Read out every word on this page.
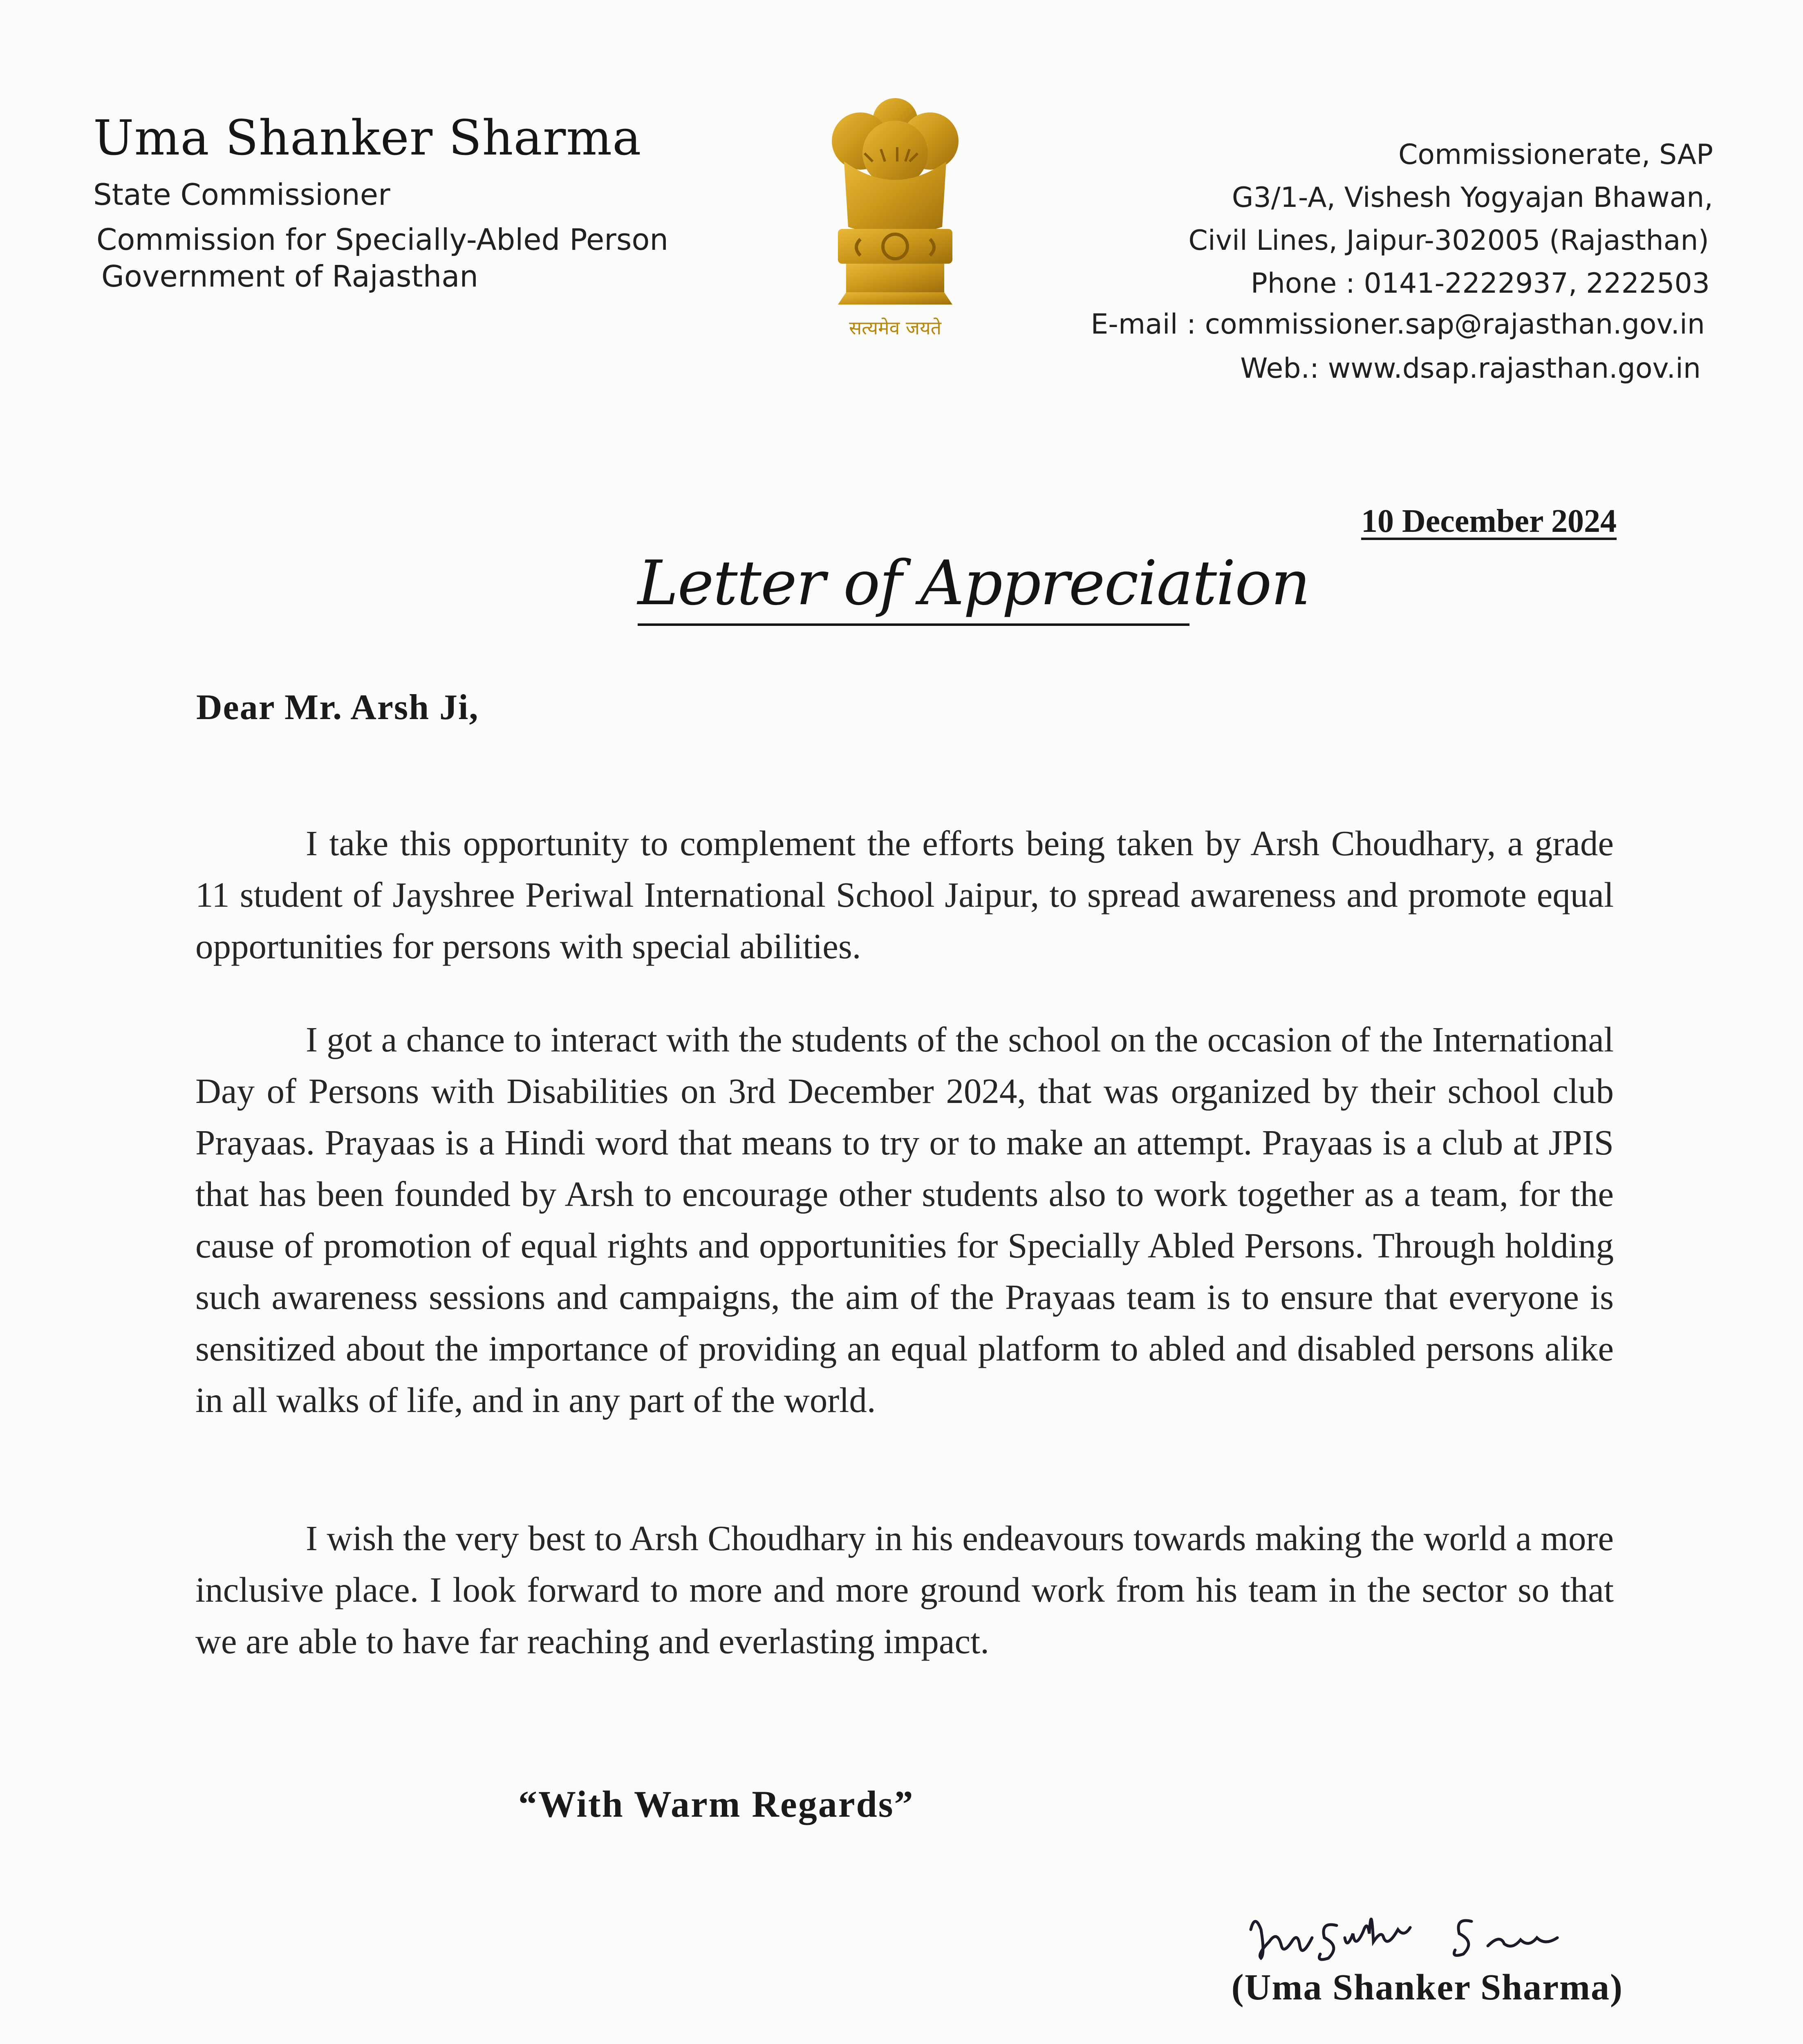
Uma Shanker Sharma
State Commissioner
Commission for Specially-Abled Person
Government of Rajasthan
सत्यमेव जयते
Commissionerate, SAP
G3/1-A, Vishesh Yogyajan Bhawan,
Civil Lines, Jaipur-302005 (Rajasthan)
Phone : 0141-2222937, 2222503
E-mail : commissioner.sap@rajasthan.gov.in
Web.: www.dsap.rajasthan.gov.in
10 December 2024
Letter of Appreciation
Dear Mr. Arsh Ji,
I take this opportunity to complement the efforts being taken by Arsh Choudhary, a grade 11 student of Jayshree Periwal International School Jaipur, to spread awareness and promote equal opportunities for persons with special abilities.
I got a chance to interact with the students of the school on the occasion of the International Day of Persons with Disabilities on 3rd December 2024, that was organized by their school club Prayaas. Prayaas is a Hindi word that means to try or to make an attempt. Prayaas is a club at JPIS that has been founded by Arsh to encourage other students also to work together as a team, for the cause of promotion of equal rights and opportunities for Specially Abled Persons. Through holding such awareness sessions and campaigns, the aim of the Prayaas team is to ensure that everyone is sensitized about the importance of providing an equal platform to abled and disabled persons alike in all walks of life, and in any part of the world.
I wish the very best to Arsh Choudhary in his endeavours towards making the world a more inclusive place. I look forward to more and more ground work from his team in the sector so that we are able to have far reaching and everlasting impact.
“With Warm Regards”
(Uma Shanker Sharma)
